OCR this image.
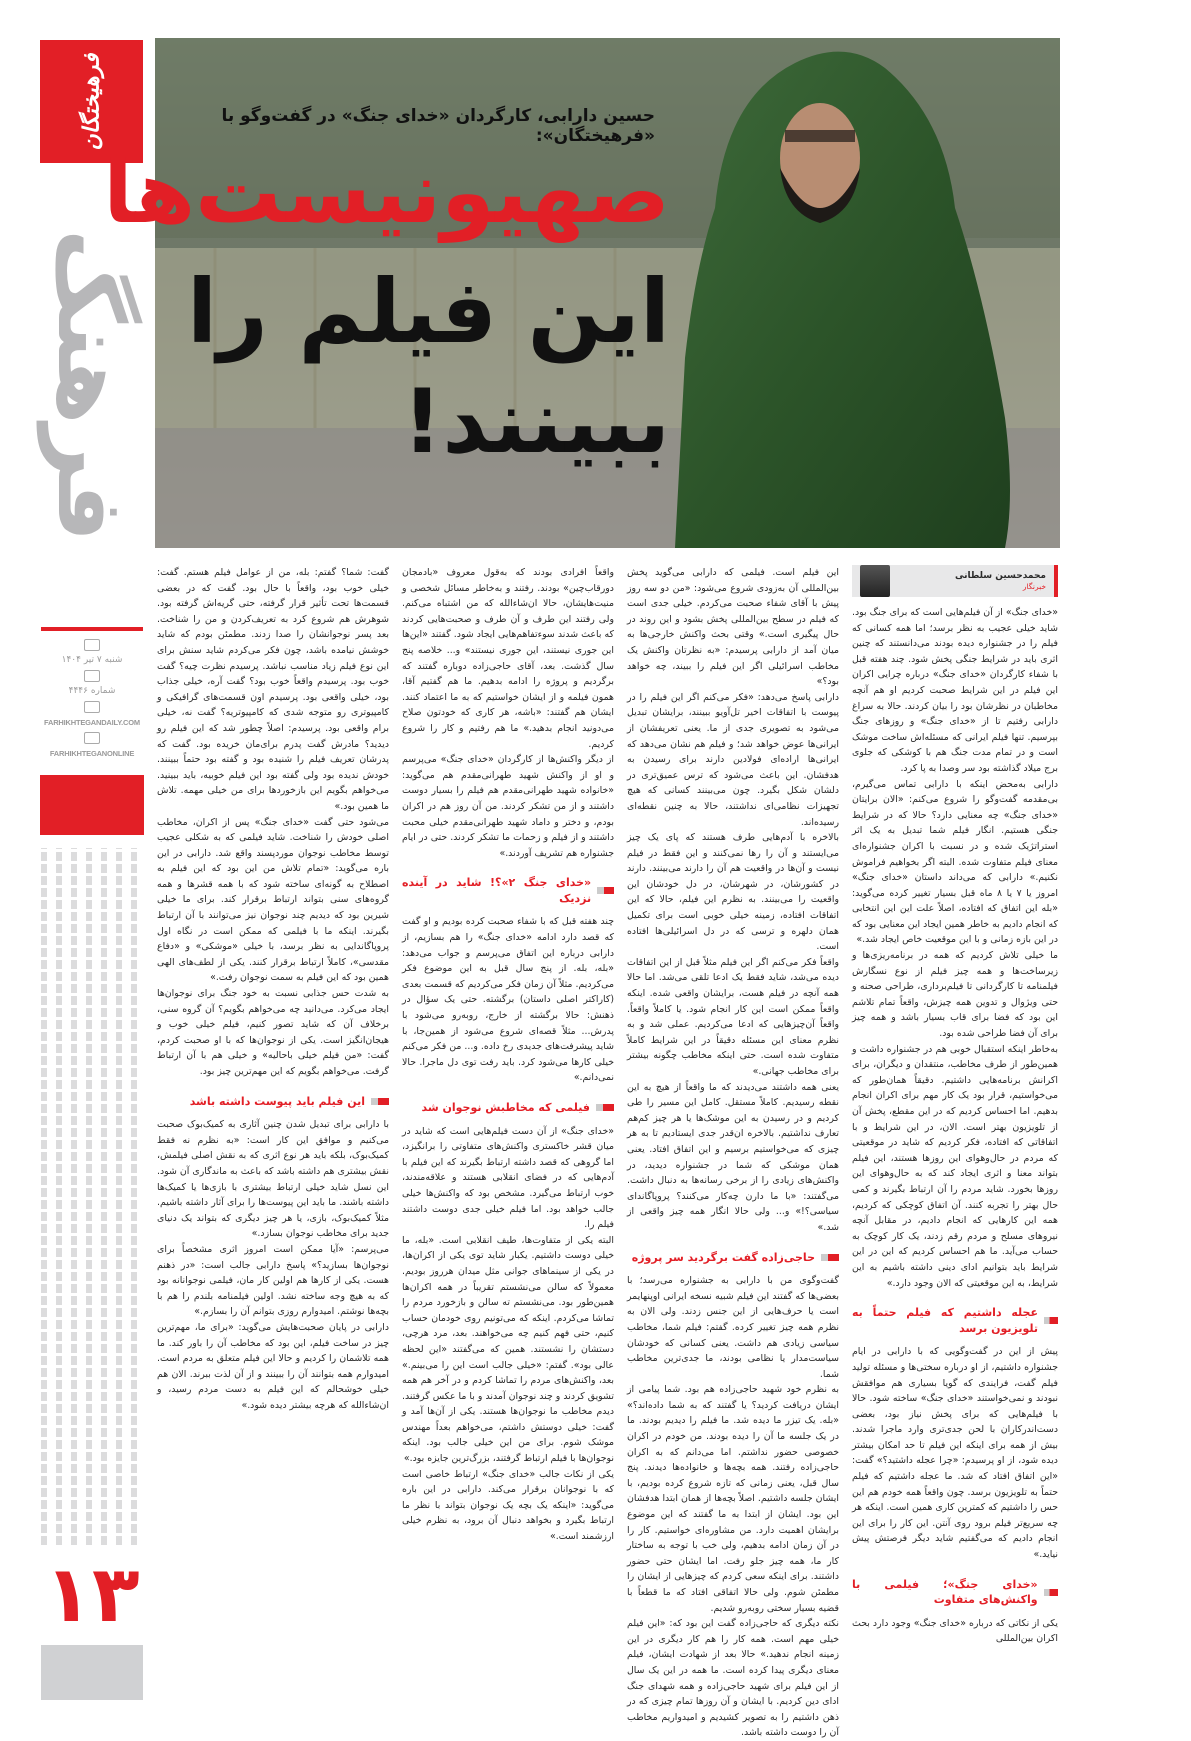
فرهیختگان
فرهنگ
شنبه ۷ تیر ۱۴۰۴
شماره ۴۴۴۶
FARHIKHTEGANDAILY.COM
FARHIKHTEGANONLINE
۱۳
حسین دارابی، کارگردان «خدای جنگ» در گفت‌وگو با «فرهیختگان»:
صهیونیست‌ها
این فیلم را
ببینند!
محمدحسین سلطانی
خبرنگار

«خدای جنگ» از آن فیلم‌هایی است که برای جنگ بود. شاید خیلی عجیب به نظر برسد؛ اما همه کسانی که فیلم را در جشنواره دیده بودند می‌دانستند که چنین اثری باید در شرایط جنگی پخش شود. چند هفته قبل با شفاء کارگردان «خدای جنگ» درباره چرایی اکران این فیلم در این شرایط صحبت کردیم او هم آنچه مخاطبان در نظرشان بود را بیان کردند. حالا به سراغ دارابی رفتیم تا از «خدای جنگ» و روزهای جنگ بپرسیم. تنها فیلم ایرانی که مسئله‌اش ساخت موشک است و در تمام مدت جنگ هم با کوشکی که جلوی برج میلاد گذاشته بود سر وصدا به پا کرد.

دارابی به‌محض اینکه با دارابی تماس می‌گیرم، بی‌مقدمه گفت‌وگو را شروع می‌کنم: «الان برایتان «خدای جنگ» چه معنایی دارد؟ حالا که در شرایط جنگی هستیم. انگار فیلم شما تبدیل به یک اثر استراتژیک شده و در نسبت با اکران جشنواره‌ای معنای فیلم متفاوت شده. البته اگر بخواهیم فراموش نکنیم.» دارابی که می‌داند داستان «خدای جنگ» امروز یا ۷ یا ۸ ماه قبل بسیار تغییر کرده می‌گوید: «بله این اتفاق که افتاده، اصلاً علت این این انتخابی که انجام دادیم به خاطر همین ایجاد این معنایی بود که در این بازه زمانی و با این موقعیت خاص ایجاد شد.»

ما خیلی تلاش کردیم که همه در برنامه‌ریزی‌ها و زیرساخت‌ها و همه چیز فیلم از نوع نسگارش فیلمنامه تا کارگردانی تا فیلم‌برداری، طراحی صحنه و حتی ویژوال و تدوین همه چیزش، واقعاً تمام تلاشم این بود که فضا برای قاب بسیار باشد و همه چیز برای آن فضا طراحی شده بود.

به‌خاطر اینکه استقبال خوبی هم در جشنواره داشت و همین‌طور از طرف مخاطب، منتقدان و دیگران، برای اکرانش برنامه‌هایی داشتیم. دقیقاً همان‌طور که می‌خواستیم، قرار بود یک کار مهم برای اکران انجام بدهیم. اما احساس کردیم که در این مقطع، پخش آن از تلویزیون بهتر است. الان، در این شرایط و با اتفاقاتی که افتاده، فکر کردیم که شاید در موقعیتی که مردم در حال‌وهوای این روزها هستند، این فیلم بتواند معنا و اثری ایجاد کند که به حال‌وهوای این روزها بخورد. شاید مردم را آن ارتباط بگیرند و کمی حال بهتر را تجربه کنند. آن اتفاق کوچکی که کردیم، همه این کارهایی که انجام دادیم، در مقابل آنچه نیروهای مسلح و مردم رقم زدند، یک کار کوچک به حساب می‌آید. ما هم احساس کردیم که این در این شرایط باید بتوانیم ادای دینی داشته باشیم به این شرایط، به این موقعیتی که الان وجود دارد.»

عجله داشتیم که فیلم حتماً به تلویزیون برسد

پیش از این در گفت‌وگویی که با دارابی در ایام جشنواره داشتیم، از او درباره سختی‌ها و مسئله تولید فیلم گفت، فرایندی که گویا بسیاری هم موافقش نبودند و نمی‌خواستند «خدای جنگ» ساخته شود. حالا با فیلم‌هایی که برای پخش نیاز بود، بعضی دست‌اندرکاران با لحن جدی‌تری وارد ماجرا شدند. بیش از همه برای اینکه این فیلم تا حد امکان بیشتر دیده شود، از او پرسیدم: «چرا عجله داشتید؟» گفت: «این اتفاق افتاد که شد. ما عجله داشتیم که فیلم حتماً به تلویزیون برسد. چون واقعاً همه خودم هم این حس را داشتیم که کمترین کاری همین است. اینکه هر چه سریع‌تر فیلم برود روی آنتن. این کار را برای این انجام دادیم که می‌گفتیم شاید دیگر فرصتش پیش نیاید.»

«خدای جنگ»؛ فیلمی با واکنش‌های متفاوت

یکی از نکاتی که درباره «خدای جنگ» وجود دارد بحث اکران بین‌المللی

این فیلم است. فیلمی که دارابی می‌گوید پخش بین‌المللی آن به‌زودی شروع می‌شود: «من دو سه روز پیش با آقای شفاء صحبت می‌کردم. خیلی جدی است که فیلم در سطح بین‌المللی پخش بشود و این روند در حال پیگیری است.» وقتی بحث واکنش خارجی‌ها به میان آمد از دارابی پرسیدم: «به نظرتان واکنش یک مخاطب اسرائیلی اگر این فیلم را ببیند، چه خواهد بود؟»

دارابی پاسخ می‌دهد: «فکر می‌کنم اگر این فیلم را در پیوست با اتفاقات اخیر تل‌آویو ببینند، برایشان تبدیل می‌شود به تصویری جدی از ما. یعنی تعریفشان از ایرانی‌ها عوض خواهد شد؛ و فیلم هم نشان می‌دهد که ایرانی‌ها اراده‌ای فولادین دارند برای رسیدن به هدفشان. این باعث می‌شود که ترس عمیق‌تری در دلشان شکل بگیرد. چون می‌بینند کسانی که هیچ تجهیزات نظامی‌ای نداشتند، حالا به چنین نقطه‌ای رسیده‌اند.

بالاخره با آدم‌هایی طرف هستند که پای یک چیز می‌ایستند و آن را رها نمی‌کنند و این فقط در فیلم نیست و آن‌ها در واقعیت هم آن را دارند می‌بینند. دارند در کشورشان، در شهرشان، در دل خودشان این واقعیت را می‌بینند. به نظرم این فیلم، حالا که این اتفاقات افتاده، زمینه خیلی خوبی است برای تکمیل همان دلهره و ترسی که در دل اسرائیلی‌ها افتاده است.

واقعاً فکر می‌کنم اگر این فیلم مثلاً قبل از این اتفاقات دیده می‌شد، شاید فقط یک ادعا تلقی می‌شد. اما حالا همه آنچه در فیلم هست، برایشان واقعی شده. اینکه واقعاً ممکن است این کار انجام شود. یا کاملاً واقعاً. واقعاً آن‌چیزهایی که ادعا می‌کردیم. عملی شد و به نظرم معنای این مسئله دقیقاً در این شرایط کاملاً متفاوت شده است. حتی اینکه مخاطب چگونه بیشتر برای مخاطب جهانی.»

یعنی همه داشتند می‌دیدند که ما واقعاً از هیچ به این نقطه رسیدیم. کاملاً مستقل. کامل این مسیر را طی کردیم و در رسیدن به این موشک‌ها یا هر چیز کم‌هم تعارف نداشتیم. بالاخره ان‌قدر جدی ایستادیم تا به هر چیزی که می‌خواستیم برسیم و این اتفاق افتاد. یعنی همان موشکی که شما در جشنواره دیدید، در واکنش‌های زیادی را از برخی رسانه‌ها به دنبال داشت. می‌گفتند: «با ما دارن چه‌کار می‌کنند؟ پروپاگاندای سیاسی؟!» و... ولی حالا انگار همه چیز واقعی از شد.»

حاجی‌زاده گفت برگردید سر پروژه

گفت‌وگوی من با دارابی به جشنواره می‌رسد؛ با بعضی‌ها که گفتند این فیلم شبیه نسخه ایرانی اوپنهایمر است یا حرف‌هایی از این جنس زدند. ولی الان به نظرم همه چیز تغییر کرده. گفتم: فیلم شما، مخاطب سیاسی زیادی هم داشت. یعنی کسانی که خودشان سیاست‌مدار یا نظامی بودند، ما جدی‌ترین مخاطب شما.

به نظرم خود شهید حاجی‌زاده هم بود. شما پیامی از ایشان دریافت کردید؟ یا گفتند که به شما داده‌اند؟» «بله. یک تیزر ما دیده شد. ما فیلم را دیدیم بودند. ما در یک جلسه ما آن را دیده بودند. من خودم در اکران خصوصی حضور نداشتم. اما می‌دانم که به اکران حاجی‌زاده رفتند. همه بچه‌ها و خانواده‌ها دیدند. پنج سال قبل، یعنی زمانی که تازه شروع کرده بودیم، با ایشان جلسه داشتیم. اصلاً بچه‌ها از همان ابتدا هدفشان این بود. ایشان از ابتدا به ما گفتند که این موضوع برایشان اهمیت دارد. من مشاوره‌ای خواستیم. کار را در آن زمان ادامه بدهیم، ولی خب با توجه به ساختار کار ما، همه چیز جلو رفت. اما ایشان حتی حضور داشتند. برای اینکه سعی کردم که چیزهایی از ایشان را مطمئن شوم. ولی حالا اتفاقی افتاد که ما قطعاً با قضیه بسیار سختی روبه‌رو شدیم.

نکته دیگری که حاجی‌زاده گفت این بود که: «این فیلم خیلی مهم است. همه کار را هم کار دیگری در این زمینه انجام ندهید.» حالا بعد از شهادت ایشان، فیلم معنای دیگری پیدا کرده است. ما همه در این یک سال از این فیلم برای شهید حاجی‌زاده و همه شهدای جنگ ادای دین کردیم. با ایشان و آن روزها تمام چیزی که در ذهن داشتیم را به تصویر کشیدیم و امیدواریم مخاطب آن را دوست داشته باشد.

واقعاً افرادی بودند که به‌قول معروف «بادمجان دورقاب‌چین» بودند. رفتند و به‌خاطر مسائل شخصی و منیت‌هایشان، حالا ان‌شاءالله که من اشتباه می‌کنم. ولی رفتند این طرف و آن طرف و صحبت‌هایی کردند که باعث شدند سوءتفاهم‌هایی ایجاد شود. گفتند «این‌ها این جوری نیستند، این جوری نیستند» و... خلاصه پنج سال گذشت. بعد، آقای حاجی‌زاده دوباره گفتند که برگردیم و پروژه را ادامه بدهیم. ما هم گفتیم آقا، همون فیلمه و از ایشان خواستیم که به ما اعتماد کنند. ایشان هم گفتند: «باشه، هر کاری که خودتون صلاح می‌دونید انجام بدهید.» ما هم رفتیم و کار را شروع کردیم.

از دیگر واکنش‌ها از کارگردان «خدای جنگ» می‌پرسم و او از واکنش شهید طهرانی‌مقدم هم می‌گوید: «خانواده شهید طهرانی‌مقدم هم فیلم را بسیار دوست داشتند و از من تشکر کردند. من آن روز هم در اکران بودم، و دختر و داماد شهید طهرانی‌مقدم خیلی محبت داشتند و از فیلم و زحمات ما تشکر کردند. حتی در ایام جشنواره هم تشریف آوردند.»

«خدای جنگ ۲»؟! شاید در آینده نزدیک

چند هفته قبل که با شفاء صحبت کرده بودیم و او گفت که قصد دارد ادامه «خدای جنگ» را هم بسازیم، از دارابی درباره این اتفاق می‌پرسم و جواب می‌دهد: «بله، بله. از پنج سال قبل به این موضوع فکر می‌کردیم. مثلاً آن زمان فکر می‌کردیم که قسمت بعدی (کاراکتر اصلی داستان) برگشته. حتی یک سؤال در ذهنش: حالا برگشته از خارج، روبه‌رو می‌شود با پدرش... مثلاً قصه‌ای شروع می‌شود از همین‌جا، با شاید پیشرفت‌های جدیدی رخ داده. و... من فکر می‌کنم خیلی کارها می‌شود کرد. باید رفت توی دل ماجرا. حالا نمی‌دانم.»

فیلمی که مخاطبش نوجوان شد

«خدای جنگ» از آن دست فیلم‌هایی است که شاید در میان قشر خاکستری واکنش‌های متفاوتی را برانگیزد، اما گروهی که قصد داشته ارتباط بگیرند که این فیلم با آدم‌هایی که در فضای انقلابی هستند و علاقه‌مندند، خوب ارتباط می‌گیرد. مشخص بود که واکنش‌ها خیلی جالب خواهد بود. اما فیلم خیلی جدی دوست داشتند فیلم را.

البته یکی از متفاوت‌ها، طیف انقلابی است. «بله، ما خیلی دوست داشتیم. یکبار شاید توی یکی از اکران‌ها، در یکی از سینماهای جوانی مثل میدان هرروز بودیم. معمولاً که سالن می‌نشستم تقریباً در همه اکران‌ها همین‌طور بود. می‌نشستم ته سالن و بازخورد مردم را تماشا می‌کردم. اینکه که می‌تونیم روی خودمان حساب کنیم، حتی فهم کنیم چه می‌خواهند. بعد، مرد هرچی، دستشان را نشستند. همین که می‌گفتند «این لحظه عالی بود». گفتم: «خیلی جالب است این را می‌بینم.» بعد، واکنش‌های مردم را تماشا کردم و در آخر هم همه تشویق کردند و چند نوجوان آمدند و با ما عکس گرفتند. دیدم مخاطب ما نوجوان‌ها هستند. یکی از آن‌ها آمد و گفت: خیلی دوستش داشتم، می‌خواهم بعداً مهندس موشک شوم. برای من این خیلی جالب بود. اینکه نوجوان‌ها با فیلم ارتباط گرفتند، بزرگ‌ترین جایزه بود.»

یکی از نکات جالب «خدای جنگ» ارتباط خاصی است که با نوجوانان برقرار می‌کند. دارابی در این باره می‌گوید: «اینکه یک بچه یک نوجوان بتواند با نظر ما ارتباط بگیرد و بخواهد دنبال آن برود، به نظرم خیلی ارزشمند است.»

گفت: شما؟ گفتم: بله، من از عوامل فیلم هستم. گفت: خیلی خوب بود، واقعاً با حال بود. گفت که در بعضی قسمت‌ها تحت تأثیر قرار گرفته، حتی گریه‌اش گرفته بود. شوهرش هم شروع کرد به تعریف‌کردن و من را شناخت. بعد پسر نوجوانشان را صدا زدند. مطمئن بودم که شاید خوشش نیامده باشد، چون فکر می‌کردم شاید سنش برای این نوع فیلم زیاد مناسب نباشد. پرسیدم نظرت چیه؟ گفت خوب بود. پرسیدم واقعاً خوب بود؟ گفت آره، خیلی جذاب بود، خیلی واقعی بود. پرسیدم اون قسمت‌های گرافیکی و کامپیوتری رو متوجه شدی که کامپیوتریه؟ گفت نه، خیلی برام واقعی بود. پرسیدم: اصلاً چطور شد که این فیلم رو دیدید؟ مادرش گفت پدرم برای‌مان خریده بود. گفت که پدرشان تعریف فیلم را شنیده بود و گفته بود حتماً ببینند. خودش ندیده بود ولی گفته بود این فیلم خوبیه، باید ببینید. می‌خواهم بگویم این بازخوردها برای من خیلی مهمه. تلاش ما همین بود.»

می‌شود حتی گفت «خدای جنگ» پس از اکران، مخاطب اصلی خودش را شناخت. شاید فیلمی که به شکلی عجیب توسط مخاطب نوجوان موردپسند واقع شد. دارابی در این باره می‌گوید: «تمام تلاش من این بود که این فیلم به اصطلاح به گونه‌ای ساخته شود که با همه قشرها و همه گروه‌های سنی بتواند ارتباط برقرار کند. برای ما خیلی شیرین بود که دیدیم چند نوجوان نیز می‌توانند با آن ارتباط بگیرند. اینکه ما با فیلمی که ممکن است در نگاه اول پروپاگاندایی به نظر برسد، با خیلی «موشکی» و «دفاع مقدسی»، کاملاً ارتباط برقرار کنند. یکی از لطف‌های الهی همین بود که این فیلم به سمت نوجوان رفت.»

به شدت حس جذابی نسبت به خود جنگ برای نوجوان‌ها ایجاد می‌کرد. می‌دانید چه می‌خواهم بگویم؟ آن گروه سنی، برخلاف آن که شاید تصور کنیم، فیلم خیلی خوب و هیجان‌انگیز است. یکی از نوجوان‌ها که با او صحبت کردم، گفت: «من فیلم خیلی باحالیه» و خیلی هم با آن ارتباط گرفت. می‌خواهم بگویم که این مهم‌ترین چیز بود.

این فیلم باید پیوست داشته باشد

با دارابی برای تبدیل شدن چنین آثاری به کمیک‌بوک صحبت می‌کنیم و موافق این کار است: «به نظرم نه فقط کمیک‌بوک، بلکه باید هر نوع اثری که به نقش اصلی فیلمش، نقش بیشتری هم داشته باشد که باعث به ماندگاری آن شود. این نسل شاید خیلی ارتباط بیشتری با بازی‌ها یا کمیک‌ها داشته باشند. ما باید این پیوست‌ها را برای آثار داشته باشیم. مثلاً کمیک‌بوک، بازی، یا هر چیز دیگری که بتواند یک دنیای جدید برای مخاطب نوجوان بسازد.»

می‌پرسم: «آیا ممکن است امروز اثری مشخصاً برای نوجوان‌ها بسازید؟» پاسخ دارابی جالب است: «در ذهنم هست. یکی از کارها هم اولین کار مان، فیلمی نوجوانانه بود که به هیچ وجه ساخته نشد. اولین فیلمنامه بلندم را هم با بچه‌ها نوشتم. امیدوارم روزی بتوانم آن را بسازم.»

دارابی در پایان صحبت‌هایش می‌گوید: «برای ما، مهم‌ترین چیز در ساخت فیلم، این بود که مخاطب آن را باور کند. ما همه تلاشمان را کردیم و حالا این فیلم متعلق به مردم است. امیدوارم همه بتوانند آن را ببینند و از آن لذت ببرند. الان هم خیلی خوشحالم که این فیلم به دست مردم رسید، و ان‌شاءالله که هرچه بیشتر دیده شود.»
